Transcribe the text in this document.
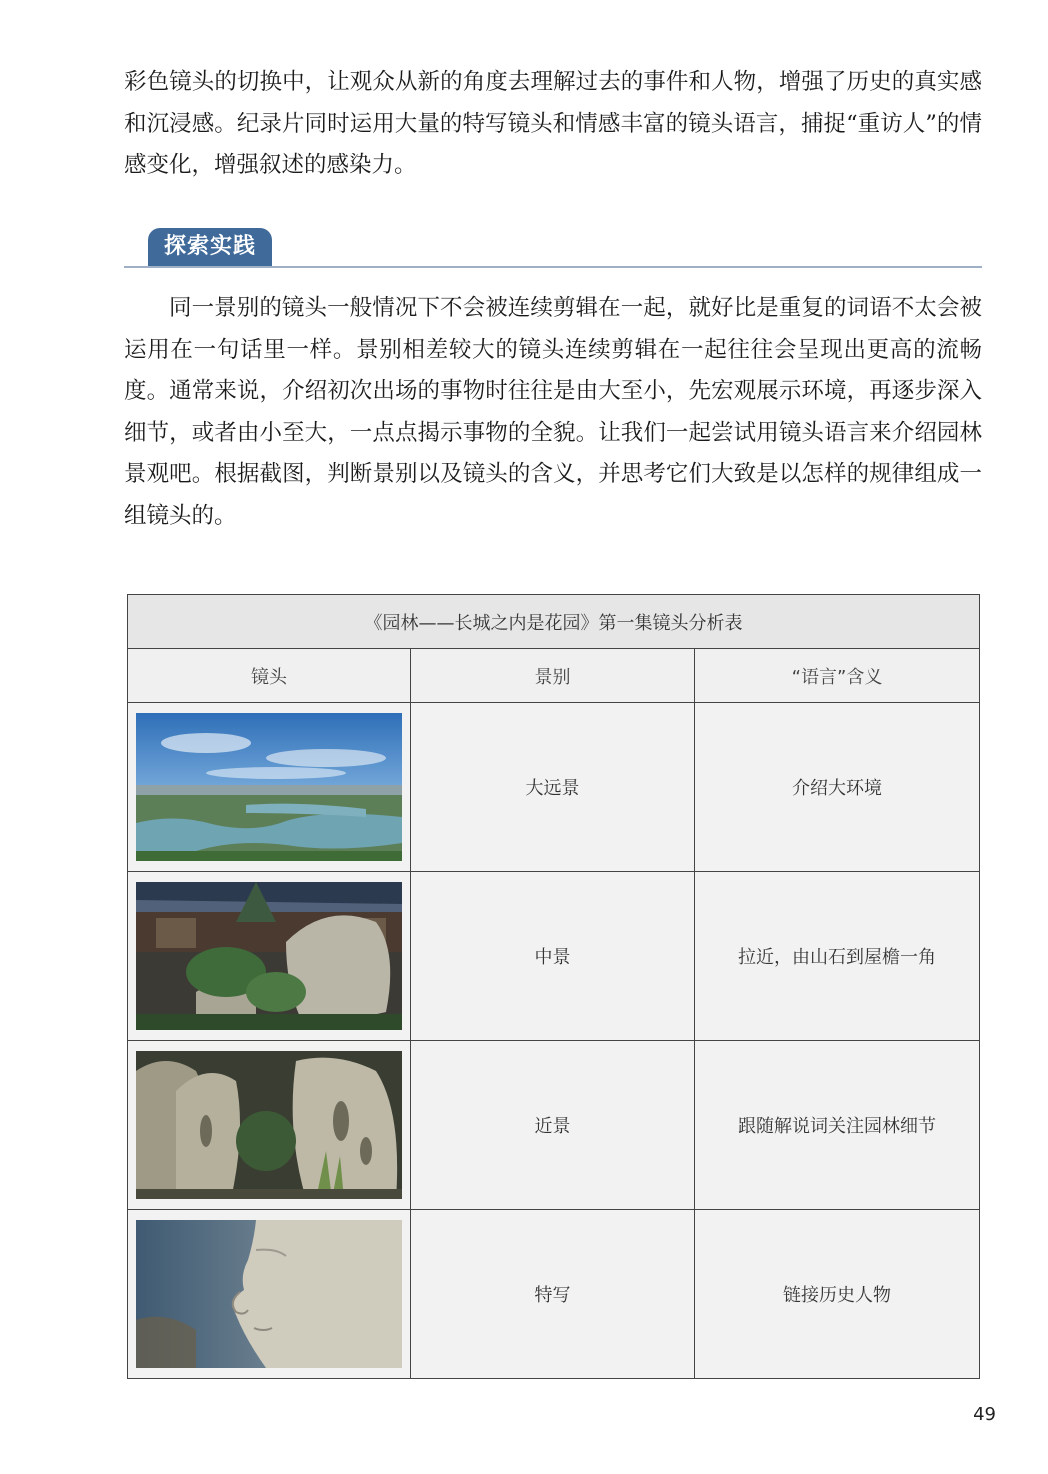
彩色镜头的切换中，让观众从新的角度去理解过去的事件和人物，增强了历史的真实感和沉浸感。纪录片同时运用大量的特写镜头和情感丰富的镜头语言，捕捉“重访人”的情感变化，增强叙述的感染力。

探索实践

同一景别的镜头一般情况下不会被连续剪辑在一起，就好比是重复的词语不太会被运用在一句话里一样。景别相差较大的镜头连续剪辑在一起往往会呈现出更高的流畅度。通常来说，介绍初次出场的事物时往往是由大至小，先宏观展示环境，再逐步深入细节，或者由小至大，一点点揭示事物的全貌。让我们一起尝试用镜头语言来介绍园林景观吧。根据截图，判断景别以及镜头的含义，并思考它们大致是以怎样的规律组成一组镜头的。

《园林——长城之内是花园》第一集镜头分析表		
镜头	景别	“语言”含义

	大远景	介绍大环境

	中景	拉近，由山石到屋檐一角

	近景	跟随解说词关注园林细节

	特写	链接历史人物
49
